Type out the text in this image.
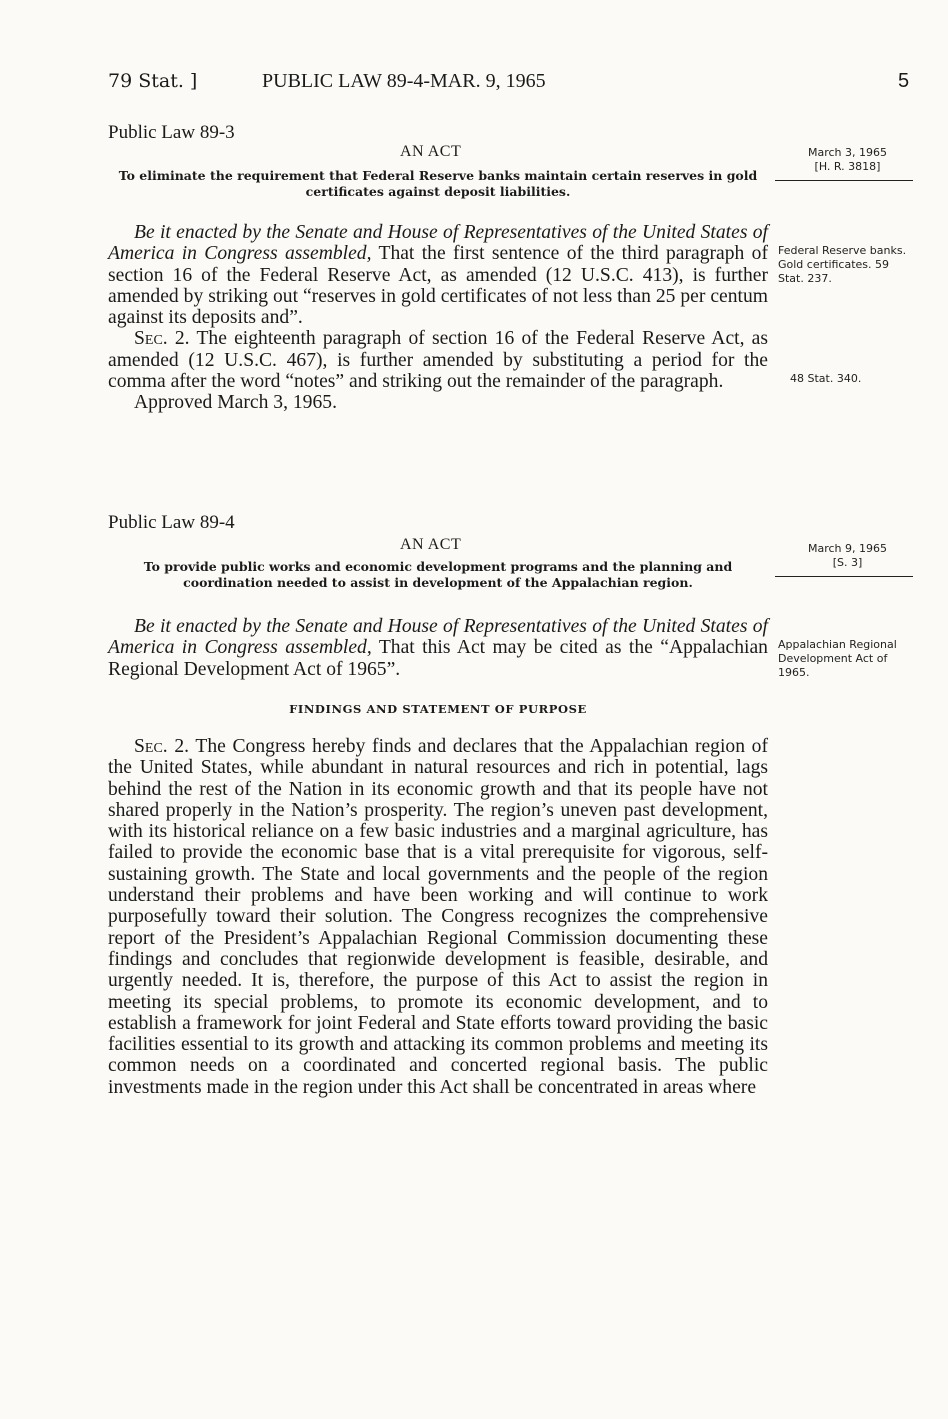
79 Stat. ]	PUBLIC LAW 89-4-MAR. 9, 1965	5
Public Law 89-3
AN ACT
To eliminate the requirement that Federal Reserve banks maintain certain reserves in gold certificates against deposit liabilities.
March 3, 1965
[H. R. 3818]

Be it enacted by the Senate and House of Representatives of the United States of America in Congress assembled, That the first sentence of the third paragraph of section 16 of the Federal Reserve Act, as amended (12 U.S.C. 413), is further amended by striking out “reserves in gold certificates of not less than 25 per centum against its deposits and”.

Sec. 2. The eighteenth paragraph of section 16 of the Federal Reserve Act, as amended (12 U.S.C. 467), is further amended by substituting a period for the comma after the word “notes” and striking out the remainder of the paragraph.

Approved March 3, 1965.

Federal Reserve banks. Gold certificates. 59 Stat. 237.
48 Stat. 340.
Public Law 89-4
AN ACT
To provide public works and economic development programs and the planning and coordination needed to assist in development of the Appalachian region.
March 9, 1965
[S. 3]

Be it enacted by the Senate and House of Representatives of the United States of America in Congress assembled, That this Act may be cited as the “Appalachian Regional Development Act of 1965”.

Appalachian Regional Development Act of 1965.
FINDINGS AND STATEMENT OF PURPOSE

Sec. 2. The Congress hereby finds and declares that the Appalachian region of the United States, while abundant in natural resources and rich in potential, lags behind the rest of the Nation in its economic growth and that its people have not shared properly in the Nation’s prosperity. The region’s uneven past development, with its historical reliance on a few basic industries and a marginal agriculture, has failed to provide the economic base that is a vital prerequisite for vigorous, self-sustaining growth. The State and local governments and the people of the region understand their problems and have been working and will continue to work purposefully toward their solution. The Congress recognizes the comprehensive report of the President’s Appalachian Regional Commission documenting these findings and concludes that regionwide development is feasible, desirable, and urgently needed. It is, therefore, the purpose of this Act to assist the region in meeting its special problems, to promote its economic development, and to establish a framework for joint Federal and State efforts toward providing the basic facilities essential to its growth and attacking its common problems and meeting its common needs on a coordinated and concerted regional basis. The public investments made in the region under this Act shall be concentrated in areas where
